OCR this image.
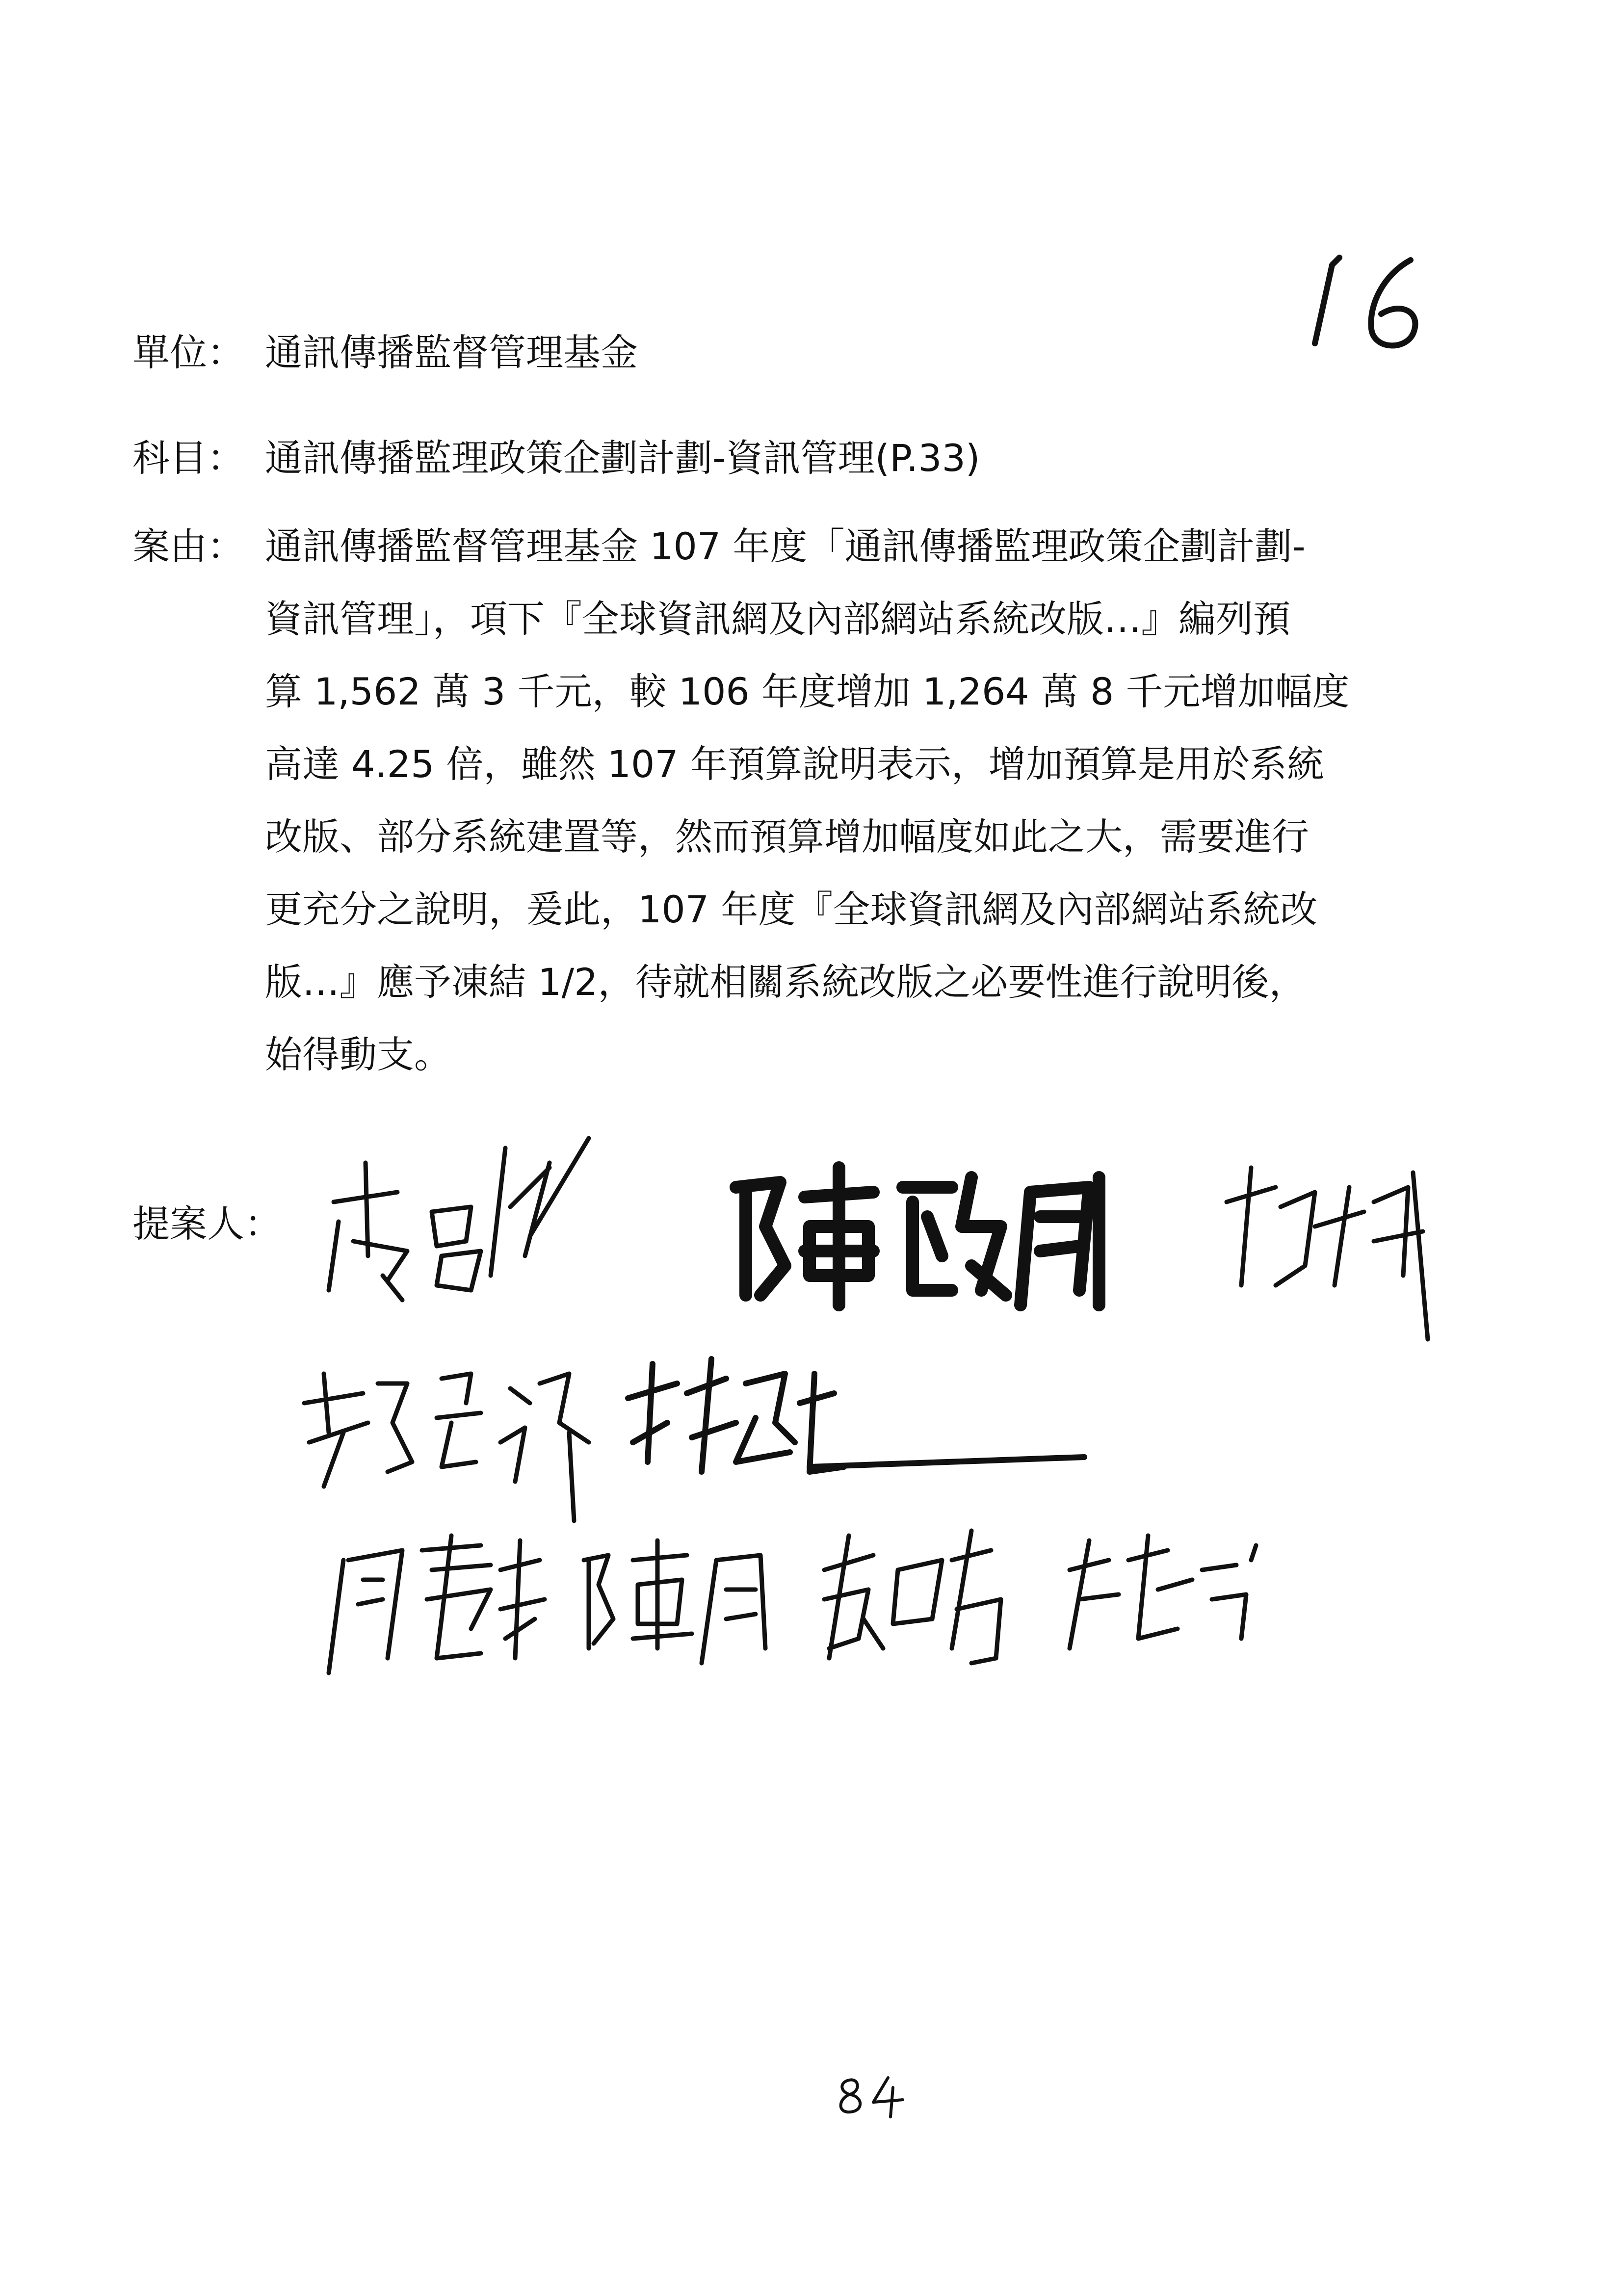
單位： 通訊傳播監督管理基金
科目： 通訊傳播監理政策企劃計劃-資訊管理(P.33)
案由： 通訊傳播監督管理基金 107 年度「通訊傳播監理政策企劃計劃-
資訊管理」，項下『全球資訊網及內部網站系統改版…』編列預
算 1,562 萬 3 千元，較 106 年度增加 1,264 萬 8 千元增加幅度
高達 4.25 倍，雖然 107 年預算說明表示，增加預算是用於系統
改版、部分系統建置等，然而預算增加幅度如此之大，需要進行
更充分之說明，爰此，107 年度『全球資訊網及內部網站系統改
版…』應予凍結 1/2，待就相關系統改版之必要性進行說明後，
始得動支。
提案人：
